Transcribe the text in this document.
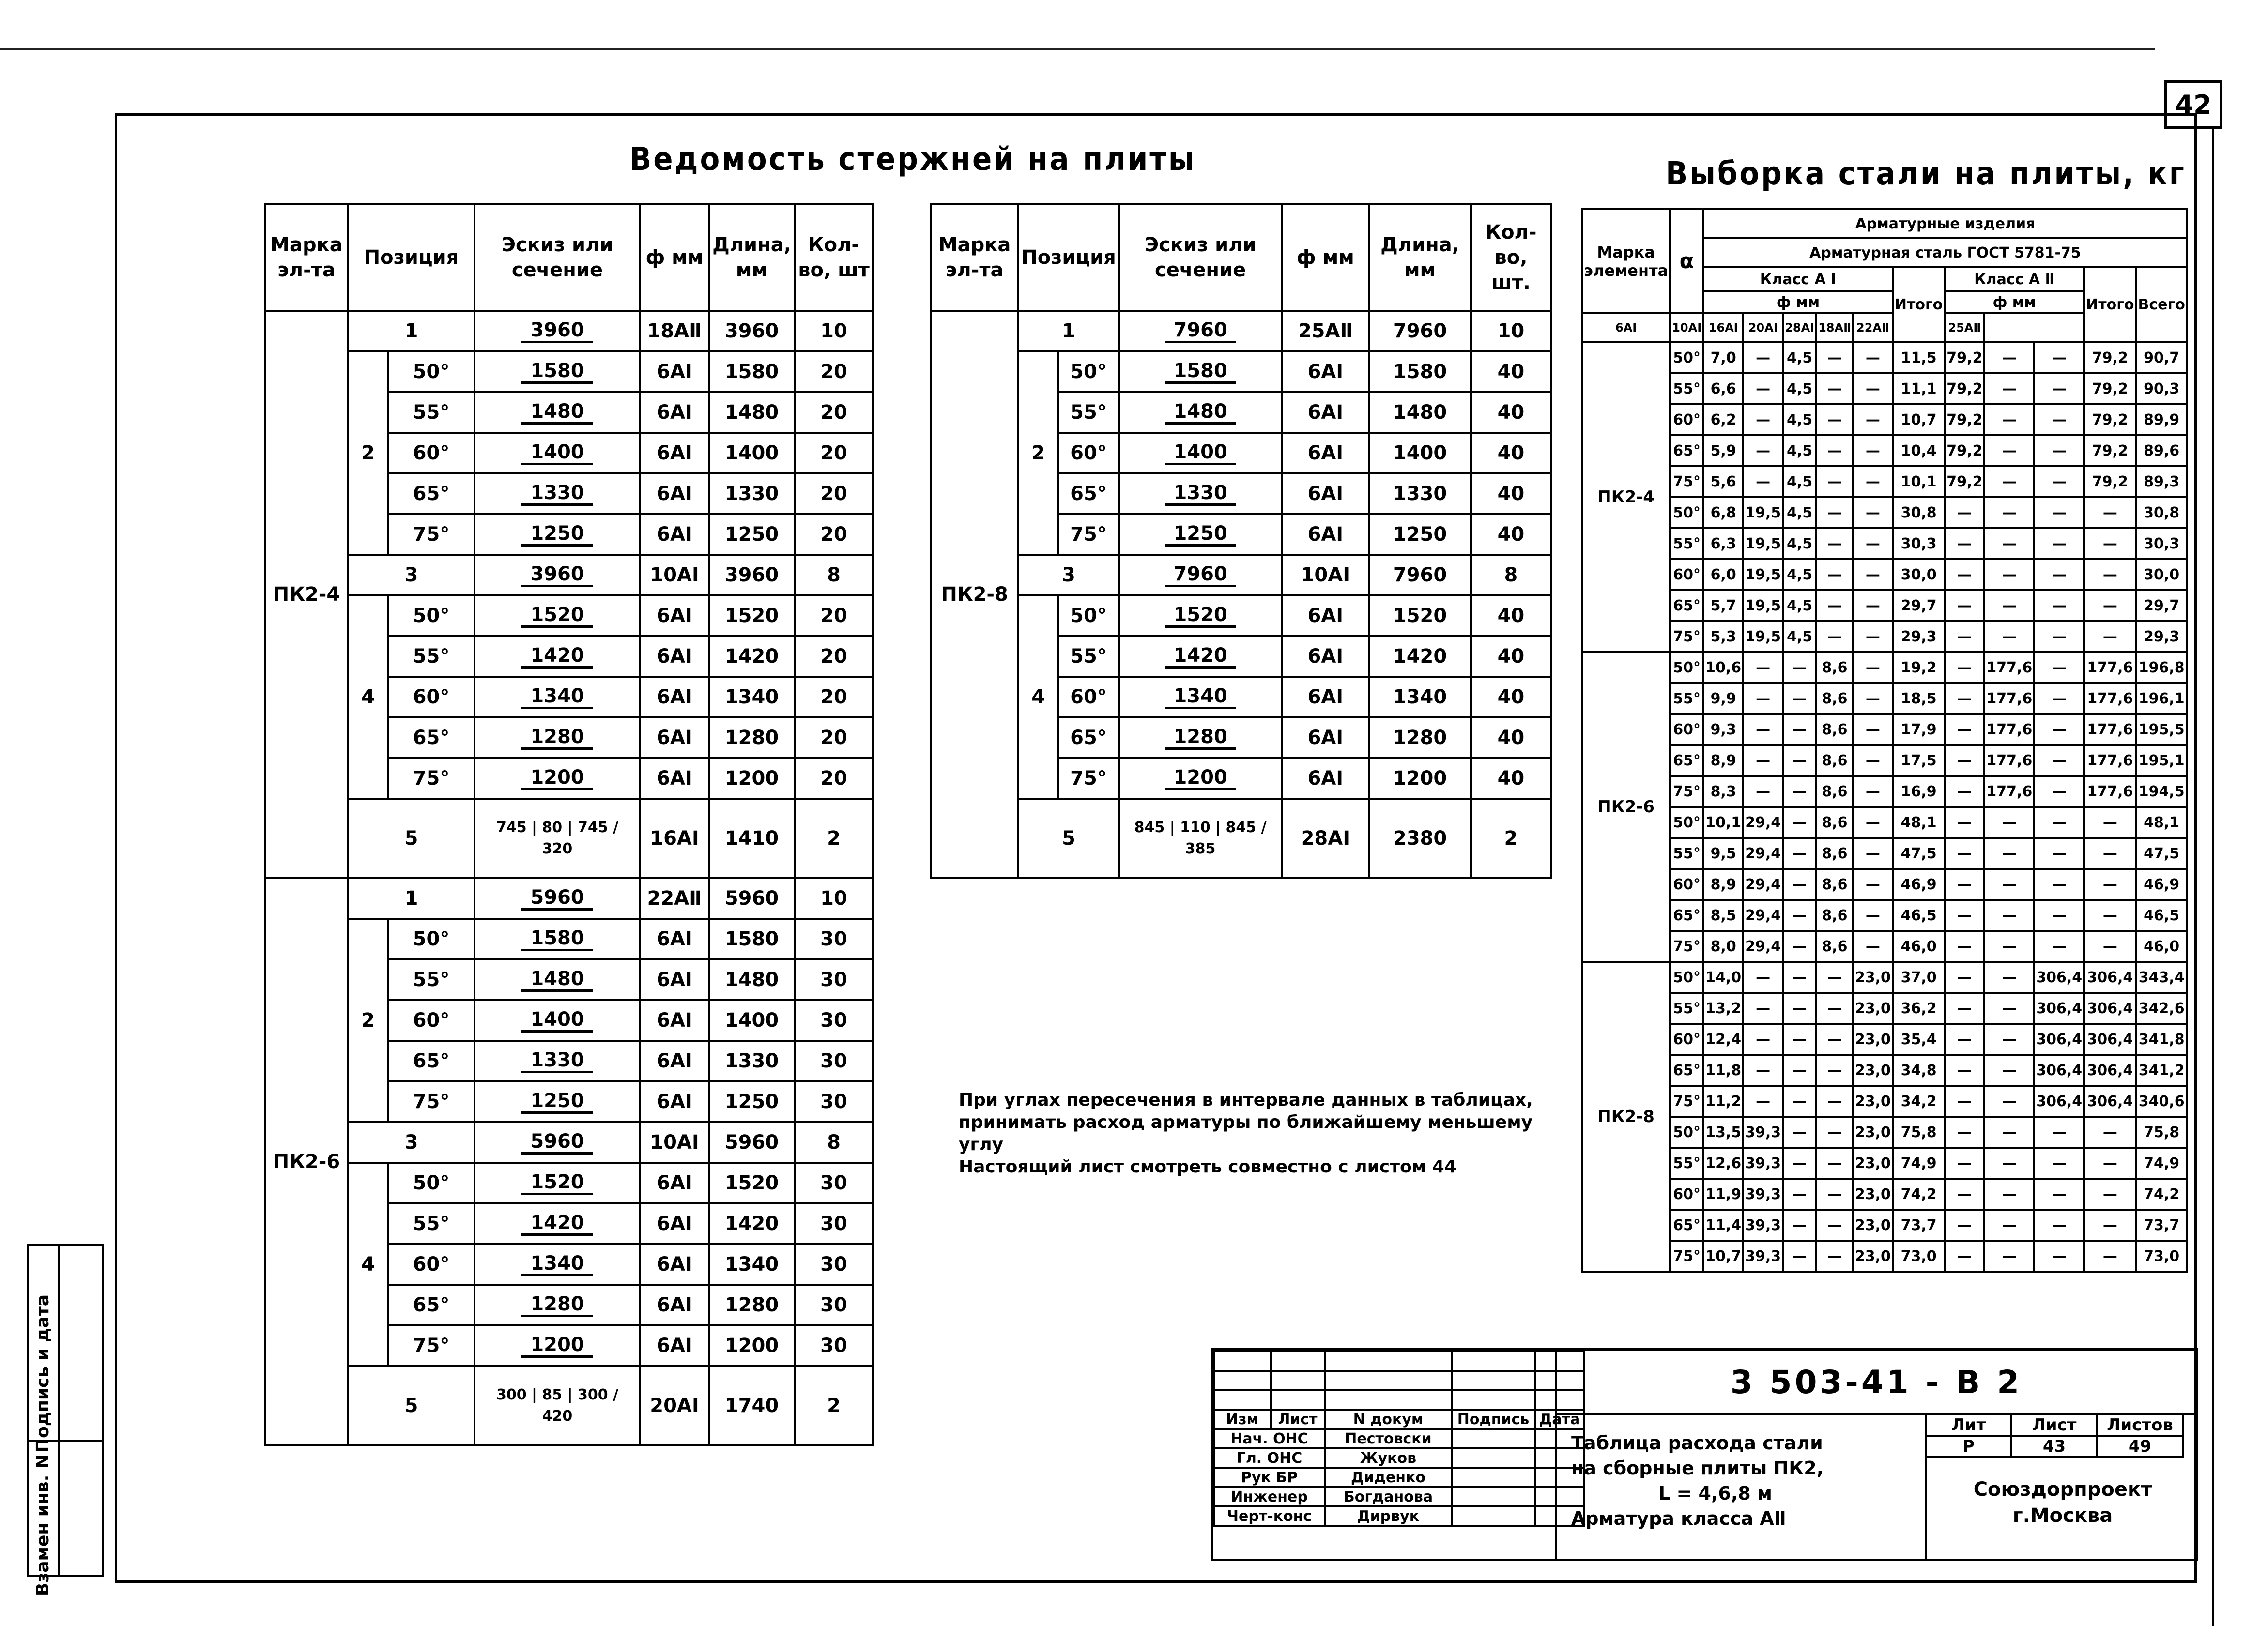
42
Ведомость стержней на плиты	Выборка стали на плиты, кг
Марка эл-та	Позиция		Эскиз или сечение	ф мм	Длина, мм	Кол-во, шт
ПК2-4	1		3960	18АⅡ	3960	10
	2	50°	1580	6АⅠ	1580	20
		55°	1480	6АⅠ	1480	20
		60°	1400	6АⅠ	1400	20
		65°	1330	6АⅠ	1330	20
		75°	1250	6АⅠ	1250	20
	3		3960	10АⅠ	3960	8
	4	50°	1520	6АⅠ	1520	20
		55°	1420	6АⅠ	1420	20
		60°	1340	6АⅠ	1340	20
		65°	1280	6АⅠ	1280	20
		75°	1200	6АⅠ	1200	20
	5		745 | 80 | 745 / 320	16АⅠ	1410	2
ПК2-6	1		5960	22АⅡ	5960	10
	2	50°	1580	6АⅠ	1580	30
		55°	1480	6АⅠ	1480	30
		60°	1400	6АⅠ	1400	30
		65°	1330	6АⅠ	1330	30
		75°	1250	6АⅠ	1250	30
	3		5960	10АⅠ	5960	8
	4	50°	1520	6АⅠ	1520	30
		55°	1420	6АⅠ	1420	30
		60°	1340	6АⅠ	1340	30
		65°	1280	6АⅠ	1280	30
		75°	1200	6АⅠ	1200	30
	5		300 | 85 | 300 / 420	20АⅠ	1740	2
Марка эл-та	Позиция		Эскиз или сечение	ф мм	Длина, мм	Кол-во, шт.
ПК2-8	1		7960	25АⅡ	7960	10
	2	50°	1580	6АⅠ	1580	40
		55°	1480	6АⅠ	1480	40
		60°	1400	6АⅠ	1400	40
		65°	1330	6АⅠ	1330	40
		75°	1250	6АⅠ	1250	40
	3		7960	10АⅠ	7960	8
	4	50°	1520	6АⅠ	1520	40
		55°	1420	6АⅠ	1420	40
		60°	1340	6АⅠ	1340	40
		65°	1280	6АⅠ	1280	40
		75°	1200	6АⅠ	1200	40
	5		845 | 110 | 845 / 385	28АⅠ	2380	2
Марка элемента	α	Арматурные изделия										
		Арматурная сталь ГОСТ 5781-75										
		Класс А Ⅰ					Итого	Класс А Ⅱ			Итого	Всего
		ф мм						ф мм				
6АⅠ	10АⅠ	16АⅠ	20АⅠ	28АⅠ	18АⅡ	22АⅡ		25АⅡ				
ПК2-4	50°	7,0	—	4,5	—	—	11,5	79,2	—	—	79,2	90,7
	55°	6,6	—	4,5	—	—	11,1	79,2	—	—	79,2	90,3
	60°	6,2	—	4,5	—	—	10,7	79,2	—	—	79,2	89,9
	65°	5,9	—	4,5	—	—	10,4	79,2	—	—	79,2	89,6
	75°	5,6	—	4,5	—	—	10,1	79,2	—	—	79,2	89,3
	50°	6,8	19,5	4,5	—	—	30,8	—	—	—	—	30,8
	55°	6,3	19,5	4,5	—	—	30,3	—	—	—	—	30,3
	60°	6,0	19,5	4,5	—	—	30,0	—	—	—	—	30,0
	65°	5,7	19,5	4,5	—	—	29,7	—	—	—	—	29,7
	75°	5,3	19,5	4,5	—	—	29,3	—	—	—	—	29,3
ПК2-6	50°	10,6	—	—	8,6	—	19,2	—	177,6	—	177,6	196,8
	55°	9,9	—	—	8,6	—	18,5	—	177,6	—	177,6	196,1
	60°	9,3	—	—	8,6	—	17,9	—	177,6	—	177,6	195,5
	65°	8,9	—	—	8,6	—	17,5	—	177,6	—	177,6	195,1
	75°	8,3	—	—	8,6	—	16,9	—	177,6	—	177,6	194,5
	50°	10,1	29,4	—	8,6	—	48,1	—	—	—	—	48,1
	55°	9,5	29,4	—	8,6	—	47,5	—	—	—	—	47,5
	60°	8,9	29,4	—	8,6	—	46,9	—	—	—	—	46,9
	65°	8,5	29,4	—	8,6	—	46,5	—	—	—	—	46,5
	75°	8,0	29,4	—	8,6	—	46,0	—	—	—	—	46,0
ПК2-8	50°	14,0	—	—	—	23,0	37,0	—	—	306,4	306,4	343,4
	55°	13,2	—	—	—	23,0	36,2	—	—	306,4	306,4	342,6
	60°	12,4	—	—	—	23,0	35,4	—	—	306,4	306,4	341,8
	65°	11,8	—	—	—	23,0	34,8	—	—	306,4	306,4	341,2
	75°	11,2	—	—	—	23,0	34,2	—	—	306,4	306,4	340,6
	50°	13,5	39,3	—	—	23,0	75,8	—	—	—	—	75,8
	55°	12,6	39,3	—	—	23,0	74,9	—	—	—	—	74,9
	60°	11,9	39,3	—	—	23,0	74,2	—	—	—	—	74,2
	65°	11,4	39,3	—	—	23,0	73,7	—	—	—	—	73,7
	75°	10,7	39,3	—	—	23,0	73,0	—	—	—	—	73,0
При углах пересечения в интервале данных в таблицах, принимать расход арматуры по ближайшему меньшему углу
Настоящий лист смотреть совместно с листом 44
3 503-41 - В 2

Изм	Лист	N докум	Подпись	Дата
Нач. ОНС		Пестовски		
Гл. ОНС		Жуков		
Рук БР		Диденко		
Инженер		Богданова		
Черт-конс		Дирвук		
Таблица расхода стали
на сборные плиты ПК2,
L = 4,6,8 м
Арматура класса АⅡ
Лит	Лист	Листов
Р	43	49
Союздорпроект
г.Москва
Подпись и дата
Взамен инв. N
